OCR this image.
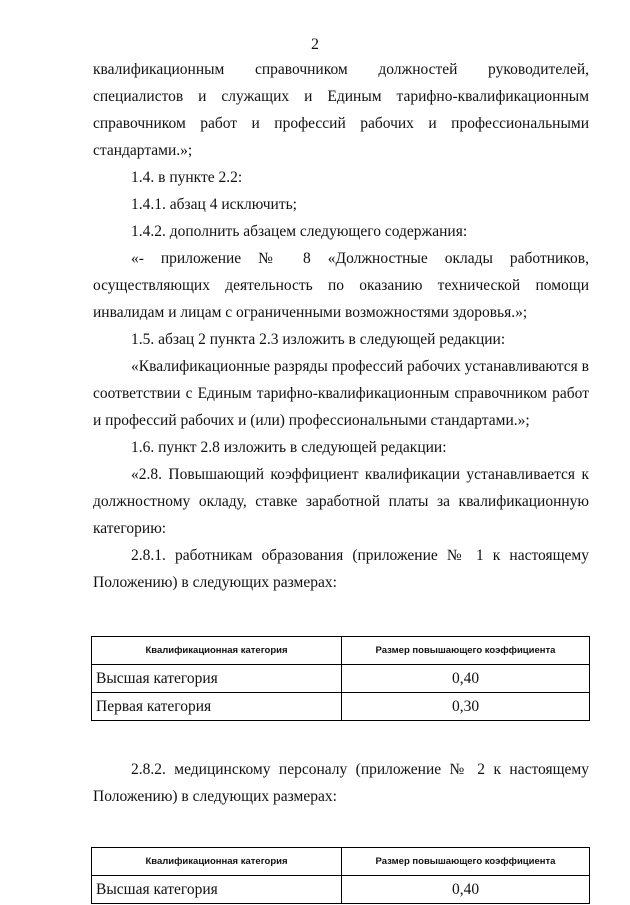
2

квалификационным справочником должностей руководителей, специалистов и служащих и Единым тарифно-квалификационным справочником работ и профессий рабочих и профессиональными стандартами.»;

1.4. в пункте 2.2:

1.4.1. абзац 4 исключить;

1.4.2. дополнить абзацем следующего содержания:

«- приложение № 8 «Должностные оклады работников, осуществляющих деятельность по оказанию технической помощи инвалидам и лицам с ограниченными возможностями здоровья.»;

1.5. абзац 2 пункта 2.3 изложить в следующей редакции:

«Квалификационные разряды профессий рабочих устанавливаются в соответствии с Единым тарифно-квалификационным справочником работ и профессий рабочих и (или) профессиональными стандартами.»;

1.6. пункт 2.8 изложить в следующей редакции:

«2.8. Повышающий коэффициент квалификации устанавливается к должностному окладу, ставке заработной платы за квалификационную категорию:

2.8.1. работникам образования (приложение № 1 к настоящему Положению) в следующих размерах:

Квалификационная категория	Размер повышающего коэффициента
Высшая категория	0,40
Первая категория	0,30

2.8.2. медицинскому персоналу (приложение № 2 к настоящему Положению) в следующих размерах:

Квалификационная категория	Размер повышающего коэффициента
Высшая категория	0,40
